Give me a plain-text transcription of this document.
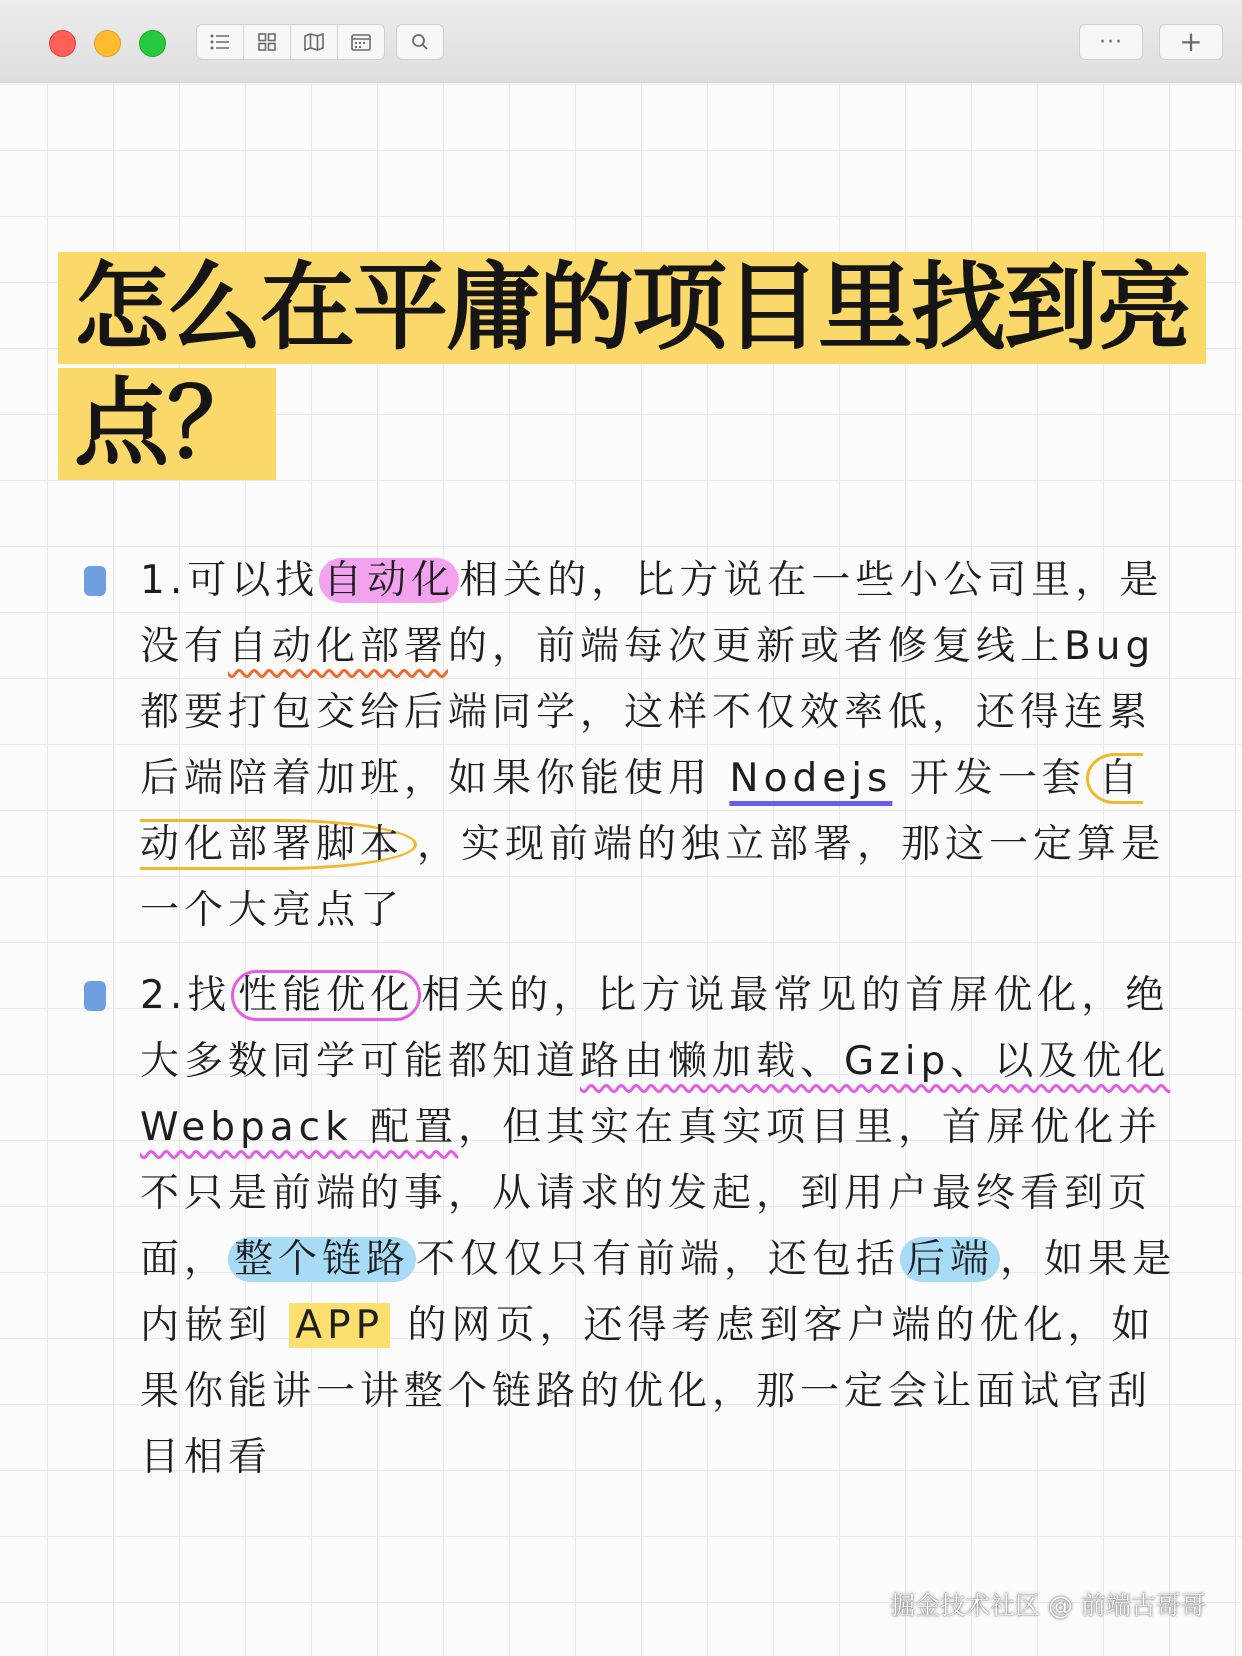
··· +
怎么在平庸的项目里找到亮
点？
1.可以找 自动化 相关的，比方说在一些小公司里，是没有自动化部署的，前端每次更新或者修复线上Bug 都要打包交给后端同学，这样不仅效率低，还得连累后端陪着加班，如果你能使用 Nodejs 开发一套 自动化部署脚本 ，实现前端的独立部署，那这一定算是一个大亮点了
2.找 性能优化 相关的，比方说最常见的首屏优化，绝大多数同学可能都知道路由懒加载、Gzip、以及优化 Webpack 配置，但其实在真实项目里，首屏优化并不只是前端的事，从请求的发起，到用户最终看到页面， 整个链路 不仅仅只有前端，还包括 后端 ，如果是内嵌到 APP 的网页，还得考虑到客户端的优化，如果你能讲一讲整个链路的优化，那一定会让面试官刮目相看
掘金技术社区 @ 前端古哥哥
